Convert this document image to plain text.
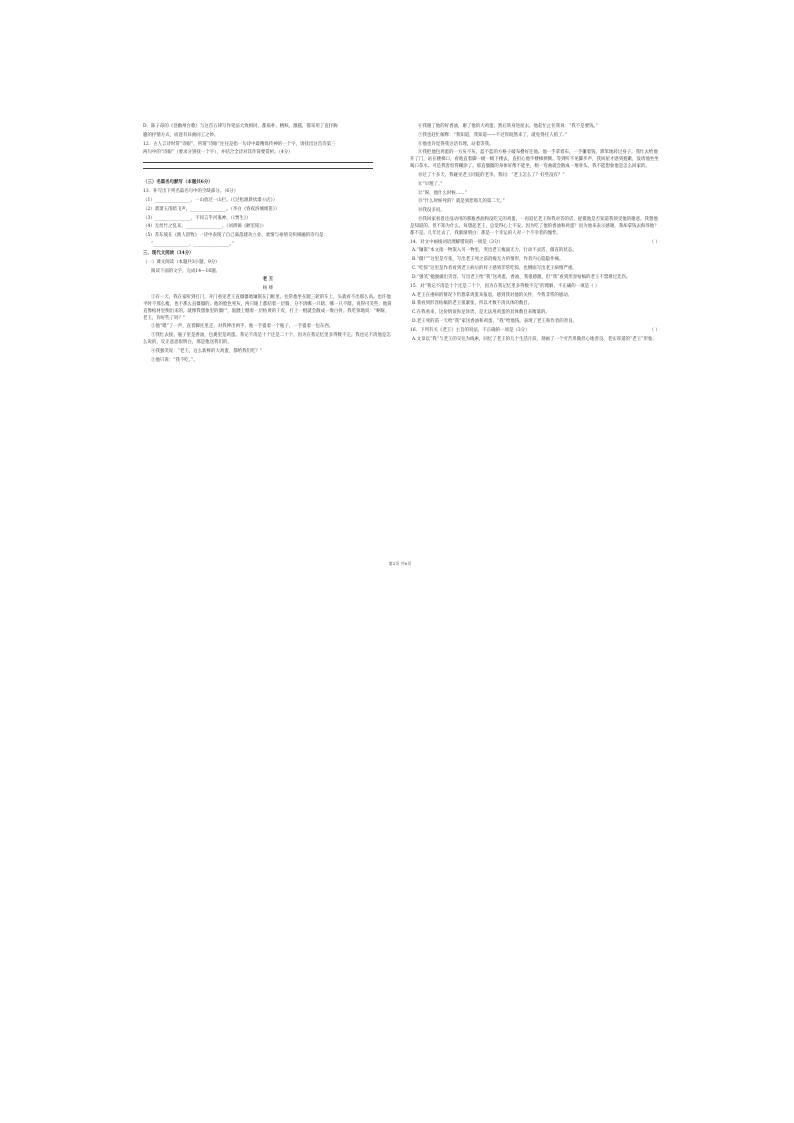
D．陈子昂的《登幽州台歌》与这首五律写作笔法大致相同，都质朴、精赅、激越，都采用了直抒胸

臆的抒情方式，而意有异曲同工之妙。

12．古人言诗时常“诗眼”，所谓“诗眼”往往是指一句诗中最精炼传神的一个字，请找出这首诗第三

两句中的“诗眼”（要求分别找一个字），并结合全诗对其作简要赏析。（4分）

（三）名篇名句默写（本题共6分）

13．补写出下列名篇名句中的空缺部分。（6分）

（1）________________，一山放过一山拦。（《过松源晨炊漆公店》）

（2）萧萧玉笛暗飞声，________________。（李白《春夜洛城闻笛》）

（3）________________，不同言乎河鬼神。（《贾生》）

（4）无丝竹之乱耳，________________。（刘禹锡《陋室铭》）

（5）苏东坡在《渔人留牧》一诗中表现了自己离落建功立业、柔情与豪情交织相融的诗句是：

“________________，________________。”

三、现代文阅读（34分）

（一）课文阅读（本题共3小题，9分）

阅读下面的文字，完成14—16题。

老 王

杨 绛

①有一天，我在家听到打门，开门看见老王直僵僵地镶嵌在门框里。往常他坐在蹬三轮的车上，头就看不出那么高。也许他平时不那么瘦，也不那么直僵僵的。他的脸色死灰，两只眼上都结着一层翳，分不清哪一只瞎、哪一只不瞎。说得可笑些，他简直像棺材里倒出来的，就像我想象里的僵尸，骷髅上绷着一层枯黄的干皮，打上一棍就会散成一堆白骨。我吃惊地说：“啊呀，老王，你好些了吗？”

②他“嗯”了一声，直着脚往里走，对我伸出两手。他一手提着一个瓶子，一手提着一包东西。

③我忙去接。瓶子里是香油，包裹里是鸡蛋。我记不清是十个还是二十个，因为在我记忆里多得数不完。我也记不清他是怎么说的，反正意思很明白，那是他送我们的。

④我强笑说：“老王，这么新鲜的大鸡蛋，都给我们吃？”

⑤他只说：“我不吃。”。

⑥我谢了他的好香油，谢了他的大鸡蛋，然后转身进屋去。他赶忙止住我说：“我不是要钱。”

⑦我也赶忙解释：“我知道，我知道——不过你既然来了，就免得托人捎了。”

⑧他也许觉得我这话有理，站着等我。

⑨我把他包鸡蛋的一方灰不灰、蓝不蓝的方格子破布叠好还他。他一手拿着布，一手攥着钱，滞笨地转过身子。我忙去给他开了门，站在楼梯口，看他直着脚一级一级下楼去，直担心他半楼梯摔倒。等到听不见脚步声，我回屋才感到抱歉，没请他坐坐喝口茶水。可是我害怕得糊涂了。那直僵僵的身体好像不能坐，稍一弯曲就会散成一堆骨头。我不能想象他是怎么回家的。

⑩过了十多天，我碰见老王同院的老李。我问：“老王怎么了？好些没有？”

⑪“早埋了。”

⑫“呀，他什么时候……”

⑬“什么时候死的？就是到您那儿的第二天。”

⑭我没多问。

⑮我回家看着还没动用的那瓶香油和没吃完的鸡蛋，一再追忆老王和我对答的话，捉摸他是否知道我领受他的谢意。我想他是知道的。但不知为什么，每想起老王，总觉得心上不安。因为吃了他的香油和鸡蛋？因为他来表示感谢，我却拿钱去侮辱他？都不是。几年过去了，我渐渐明白：那是一个幸运的人对一个不幸者的愧怍。

14．对文中画线词语理解错误的一项是（3分）	（ ）

A.“镶嵌”本文指一物嵌入另一物里，突出老王瘦弱无力，行动不灵活，僵直的状态。

B.“僵尸”这里是夸张，写出老王死之前消瘦无力的情形，作者内心隐隐作痛。

C.“吃惊”这里是作者看到老王病后的样子感到非常吃惊，也侧面写出老王病情严重。

D.“强笑”勉强做出笑容，写出老王给“我”送鸡蛋，香油，我很感激，但“我”看到形容枯槁的老王不禁难过悲伤。

15．对“我记不清是十个还是二十个，因为在我记忆里多得数不完”的理解，不正确的一项是（ ）

A.老王在重病的情况下仍想拿鸡蛋来报恩，感到我对他的关怀，今我非常的感动。

B.我看到形容枯槁的老王很紧张，所以才数不清具体的数目。

C.在我看来，这份情谊弥足珍贵，是无法用鸡蛋的具体数目来衡量的。

D.老王死的前一天给“我”家送香油和鸡蛋，“我”给他钱，表现了老王和作者的善良。

16．下列有关《老王》主旨的说法，不正确的一项是（3分）	（ ）

A.文章以“我”与老王的交往为线索，回忆了老王的几个生活片段，刻画了一个穷苦卑微但心地善良、老实厚道的“老王”形象。

第3页 共6页
